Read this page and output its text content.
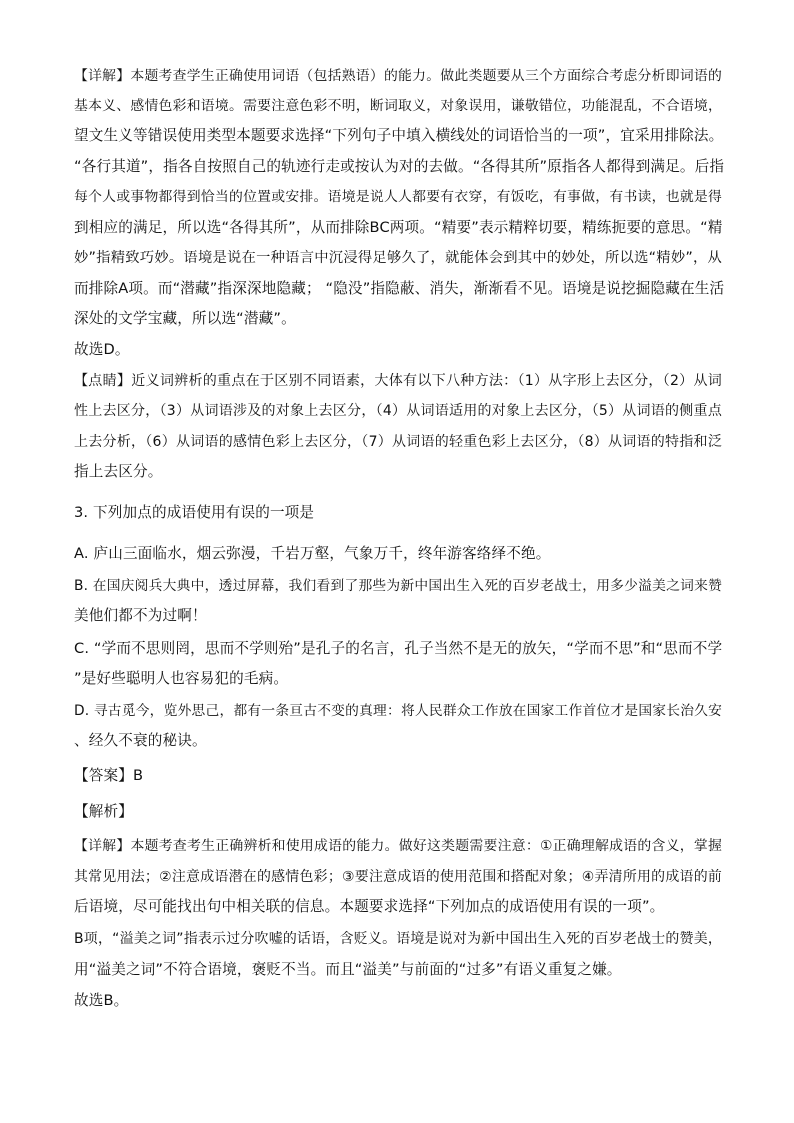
【详解】本题考查学生正确使用词语（包括熟语）的能力。做此类题要从三个方面综合考虑分析即词语的
基本义、感情色彩和语境。需要注意色彩不明，断词取义，对象误用，谦敬错位，功能混乱，不合语境，
望文生义等错误使用类型本题要求选择“下列句子中填入横线处的词语恰当的一项”，宜采用排除法。
“各行其道”，指各自按照自己的轨迹行走或按认为对的去做。“各得其所”原指各人都得到满足。后指
每个人或事物都得到恰当的位置或安排。语境是说人人都要有衣穿，有饭吃，有事做，有书读，也就是得
到相应的满足，所以选“各得其所”，从而排除BC两项。“精要”表示精粹切要，精练扼要的意思。“精
妙”指精致巧妙。语境是说在一种语言中沉浸得足够久了，就能体会到其中的妙处，所以选“精妙”，从
而排除A项。而“潜藏”指深深地隐藏； “隐没”指隐蔽、消失，渐渐看不见。语境是说挖掘隐藏在生活
深处的文学宝藏，所以选“潜藏”。
故选D。
【点睛】近义词辨析的重点在于区别不同语素，大体有以下八种方法：（1）从字形上去区分，（2）从词
性上去区分，（3）从词语涉及的对象上去区分，（4）从词语适用的对象上去区分，（5）从词语的侧重点
上去分析，（6）从词语的感情色彩上去区分，（7）从词语的轻重色彩上去区分，（8）从词语的特指和泛
指上去区分。
3. 下列加点的成语使用有误的一项是
A. 庐山三面临水，烟云弥漫，千岩万壑，气象万千，终年游客络绎不绝。
B. 在国庆阅兵大典中，透过屏幕，我们看到了那些为新中国出生入死的百岁老战士，用多少溢美之词来赞
美他们都不为过啊！
C. “学而不思则罔，思而不学则殆”是孔子的名言，孔子当然不是无的放矢，“学而不思”和“思而不学
”是好些聪明人也容易犯的毛病。
D. 寻古觅今，览外思己，都有一条亘古不变的真理：将人民群众工作放在国家工作首位才是国家长治久安
、经久不衰的秘诀。
【答案】B
【解析】
【详解】本题考查考生正确辨析和使用成语的能力。做好这类题需要注意：①正确理解成语的含义，掌握
其常见用法；②注意成语潜在的感情色彩；③要注意成语的使用范围和搭配对象；④弄清所用的成语的前
后语境，尽可能找出句中相关联的信息。本题要求选择“下列加点的成语使用有误的一项”。
B项，“溢美之词”指表示过分吹嘘的话语，含贬义。语境是说对为新中国出生入死的百岁老战士的赞美，
用“溢美之词”不符合语境，褒贬不当。而且“溢美”与前面的“过多”有语义重复之嫌。
故选B。
